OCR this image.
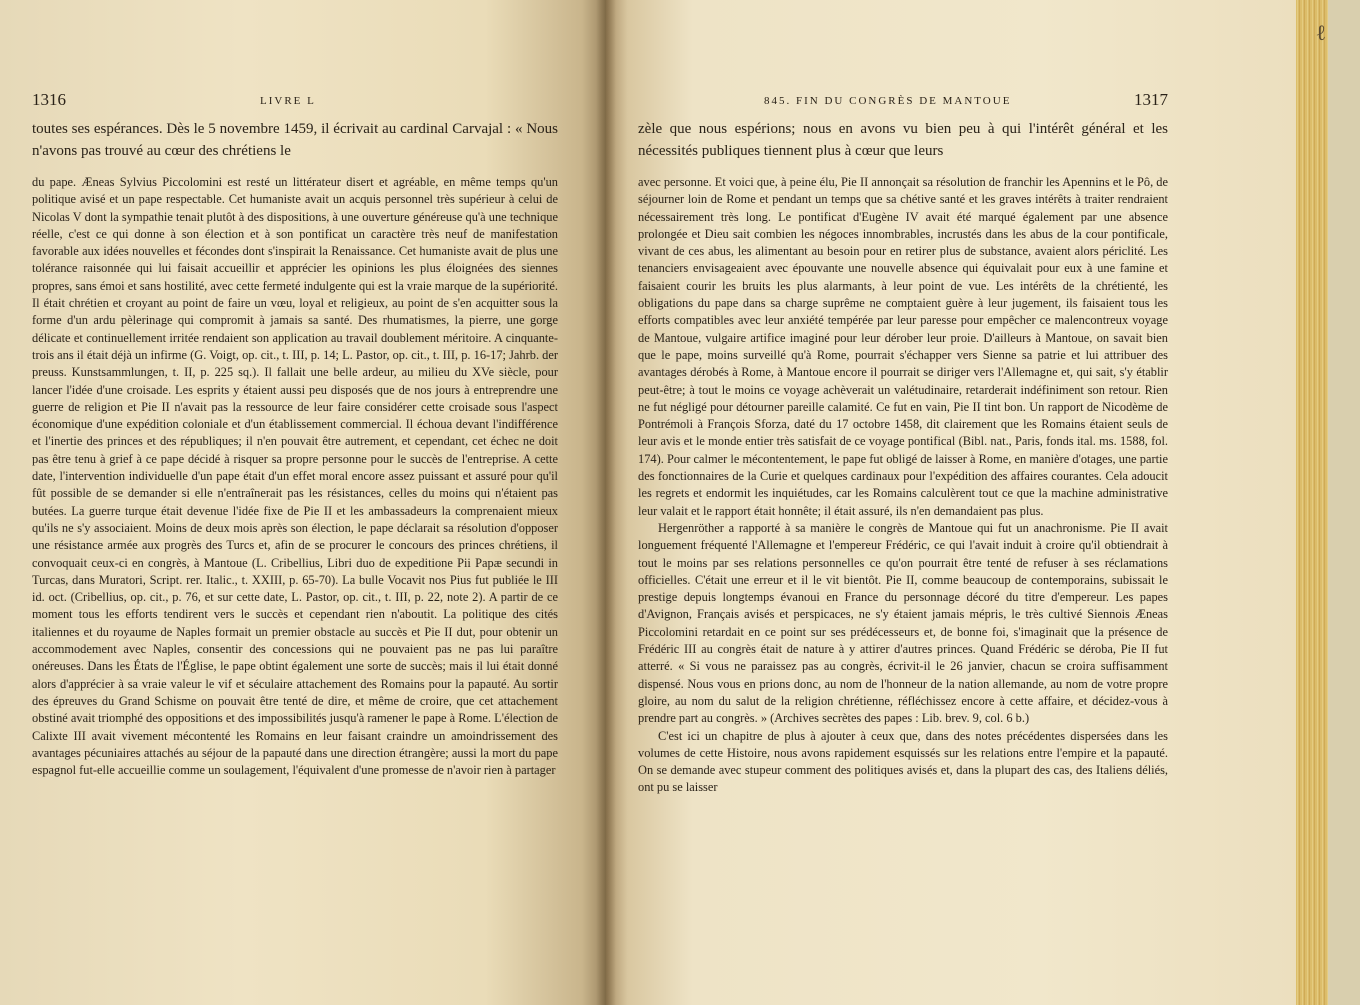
1316	LIVRE L

toutes ses espérances. Dès le 5 novembre 1459, il écrivait au cardinal Carvajal : « Nous n'avons pas trouvé au cœur des chrétiens le

du pape. Æneas Sylvius Piccolomini est resté un littérateur disert et agréable, en même temps qu'un politique avisé et un pape respectable. Cet humaniste avait un acquis personnel très supérieur à celui de Nicolas V dont la sympathie tenait plutôt à des dispositions, à une ouverture généreuse qu'à une technique réelle, c'est ce qui donne à son élection et à son pontificat un caractère très neuf de manifestation favorable aux idées nouvelles et fécondes dont s'inspirait la Renaissance. Cet humaniste avait de plus une tolérance raisonnée qui lui faisait accueillir et apprécier les opinions les plus éloignées des siennes propres, sans émoi et sans hostilité, avec cette fermeté indulgente qui est la vraie marque de la supériorité. Il était chrétien et croyant au point de faire un vœu, loyal et religieux, au point de s'en acquitter sous la forme d'un ardu pèlerinage qui compromit à jamais sa santé. Des rhumatismes, la pierre, une gorge délicate et continuellement irritée rendaient son application au travail doublement méritoire. A cinquante-trois ans il était déjà un infirme (G. Voigt, op. cit., t. III, p. 14; L. Pastor, op. cit., t. III, p. 16-17; Jahrb. der preuss. Kunstsammlungen, t. II, p. 225 sq.). Il fallait une belle ardeur, au milieu du XVe siècle, pour lancer l'idée d'une croisade. Les esprits y étaient aussi peu disposés que de nos jours à entreprendre une guerre de religion et Pie II n'avait pas la ressource de leur faire considérer cette croisade sous l'aspect économique d'une expédition coloniale et d'un établissement commercial. Il échoua devant l'indifférence et l'inertie des princes et des républiques; il n'en pouvait être autrement, et cependant, cet échec ne doit pas être tenu à grief à ce pape décidé à risquer sa propre personne pour le succès de l'entreprise. A cette date, l'intervention individuelle d'un pape était d'un effet moral encore assez puissant et assuré pour qu'il fût possible de se demander si elle n'entraînerait pas les résistances, celles du moins qui n'étaient pas butées. La guerre turque était devenue l'idée fixe de Pie II et les ambassadeurs la comprenaient mieux qu'ils ne s'y associaient. Moins de deux mois après son élection, le pape déclarait sa résolution d'opposer une résistance armée aux progrès des Turcs et, afin de se procurer le concours des princes chrétiens, il convoquait ceux-ci en congrès, à Mantoue (L. Cribellius, Libri duo de expeditione Pii Papæ secundi in Turcas, dans Muratori, Script. rer. Italic., t. XXIII, p. 65-70). La bulle Vocavit nos Pius fut publiée le III id. oct. (Cribellius, op. cit., p. 76, et sur cette date, L. Pastor, op. cit., t. III, p. 22, note 2). A partir de ce moment tous les efforts tendirent vers le succès et cependant rien n'aboutit. La politique des cités italiennes et du royaume de Naples formait un premier obstacle au succès et Pie II dut, pour obtenir un accommodement avec Naples, consentir des concessions qui ne pouvaient pas ne pas lui paraître onéreuses. Dans les États de l'Église, le pape obtint également une sorte de succès; mais il lui était donné alors d'apprécier à sa vraie valeur le vif et séculaire attachement des Romains pour la papauté. Au sortir des épreuves du Grand Schisme on pouvait être tenté de dire, et même de croire, que cet attachement obstiné avait triomphé des oppositions et des impossibilités jusqu'à ramener le pape à Rome. L'élection de Calixte III avait vivement mécontenté les Romains en leur faisant craindre un amoindrissement des avantages pécuniaires attachés au séjour de la papauté dans une direction étrangère; aussi la mort du pape espagnol fut-elle accueillie comme un soulagement, l'équivalent d'une promesse de n'avoir rien à partager

845. FIN DU CONGRÈS DE MANTOUE	1317

zèle que nous espérions; nous en avons vu bien peu à qui l'intérêt général et les nécessités publiques tiennent plus à cœur que leurs

avec personne. Et voici que, à peine élu, Pie II annonçait sa résolution de franchir les Apennins et le Pô, de séjourner loin de Rome et pendant un temps que sa chétive santé et les graves intérêts à traiter rendraient nécessairement très long. Le pontificat d'Eugène IV avait été marqué également par une absence prolongée et Dieu sait combien les négoces innombrables, incrustés dans les abus de la cour pontificale, vivant de ces abus, les alimentant au besoin pour en retirer plus de substance, avaient alors périclité. Les tenanciers envisageaient avec épouvante une nouvelle absence qui équivalait pour eux à une famine et faisaient courir les bruits les plus alarmants, à leur point de vue. Les intérêts de la chrétienté, les obligations du pape dans sa charge suprême ne comptaient guère à leur jugement, ils faisaient tous les efforts compatibles avec leur anxiété tempérée par leur paresse pour empêcher ce malencontreux voyage de Mantoue, vulgaire artifice imaginé pour leur dérober leur proie. D'ailleurs à Mantoue, on savait bien que le pape, moins surveillé qu'à Rome, pourrait s'échapper vers Sienne sa patrie et lui attribuer des avantages dérobés à Rome, à Mantoue encore il pourrait se diriger vers l'Allemagne et, qui sait, s'y établir peut-être; à tout le moins ce voyage achèverait un valétudinaire, retarderait indéfiniment son retour. Rien ne fut négligé pour détourner pareille calamité. Ce fut en vain, Pie II tint bon. Un rapport de Nicodème de Pontrémoli à François Sforza, daté du 17 octobre 1458, dit clairement que les Romains étaient seuls de leur avis et le monde entier très satisfait de ce voyage pontifical (Bibl. nat., Paris, fonds ital. ms. 1588, fol. 174). Pour calmer le mécontentement, le pape fut obligé de laisser à Rome, en manière d'otages, une partie des fonctionnaires de la Curie et quelques cardinaux pour l'expédition des affaires courantes. Cela adoucit les regrets et endormit les inquiétudes, car les Romains calculèrent tout ce que la machine administrative leur valait et le rapport était honnête; il était assuré, ils n'en demandaient pas plus.

Hergenröther a rapporté à sa manière le congrès de Mantoue qui fut un anachronisme. Pie II avait longuement fréquenté l'Allemagne et l'empereur Frédéric, ce qui l'avait induit à croire qu'il obtiendrait à tout le moins par ses relations personnelles ce qu'on pourrait être tenté de refuser à ses réclamations officielles. C'était une erreur et il le vit bientôt. Pie II, comme beaucoup de contemporains, subissait le prestige depuis longtemps évanoui en France du personnage décoré du titre d'empereur. Les papes d'Avignon, Français avisés et perspicaces, ne s'y étaient jamais mépris, le très cultivé Siennois Æneas Piccolomini retardait en ce point sur ses prédécesseurs et, de bonne foi, s'imaginait que la présence de Frédéric III au congrès était de nature à y attirer d'autres princes. Quand Frédéric se déroba, Pie II fut atterré. « Si vous ne paraissez pas au congrès, écrivit-il le 26 janvier, chacun se croira suffisamment dispensé. Nous vous en prions donc, au nom de l'honneur de la nation allemande, au nom de votre propre gloire, au nom du salut de la religion chrétienne, réfléchissez encore à cette affaire, et décidez-vous à prendre part au congrès. » (Archives secrètes des papes : Lib. brev. 9, col. 6 b.)

C'est ici un chapitre de plus à ajouter à ceux que, dans des notes précédentes dispersées dans les volumes de cette Histoire, nous avons rapidement esquissés sur les relations entre l'empire et la papauté. On se demande avec stupeur comment des politiques avisés et, dans la plupart des cas, des Italiens déliés, ont pu se laisser

ℓ
